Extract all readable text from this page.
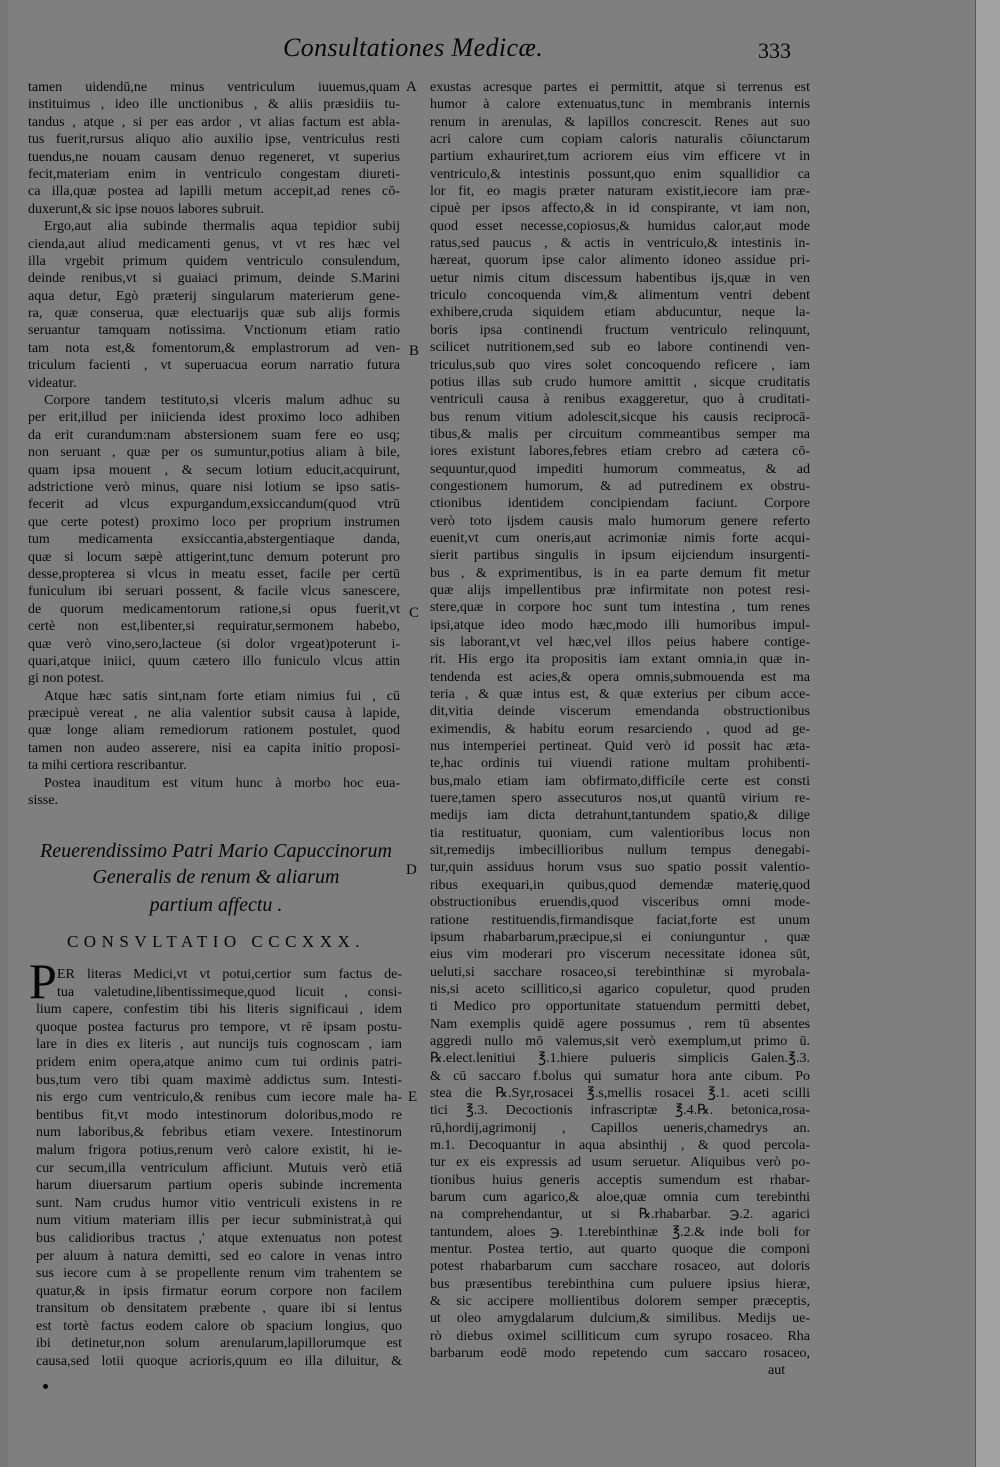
Consultationes Medicæ.	333
tamen uidendū,ne minus ventriculum iuuemus,quam
instituimus , ideo ille unctionibus , & aliis præsidiis tu-
tandus , atque , si per eas ardor , vt alias factum est abla-
tus fuerit,rursus aliquo alio auxilio ipse, ventriculus resti
tuendus,ne nouam causam denuo regeneret, vt superius
fecit,materiam enim in ventriculo congestam diureti-
ca illa,quæ postea ad lapilli metum accepit,ad renes cō-
duxerunt,& sic ipse nouos labores subruit.
Ergo,aut alia subinde thermalis aqua tepidior subij
cienda,aut aliud medicamenti genus, vt vt res hæc vel
illa vrgebit primum quidem ventriculo consulendum,
deinde renibus,vt si guaiaci primum, deinde S.Marini
aqua detur, Egò præterij singularum materierum gene-
ra, quæ conserua, quæ electuarijs quæ sub alijs formis
seruantur tamquam notissima. Vnctionum etiam ratio
tam nota est,& fomentorum,& emplastrorum ad ven-
triculum facienti , vt superuacua eorum narratio futura
videatur.
Corpore tandem testituto,si vlceris malum adhuc su
per erit,illud per iniicienda idest proximo loco adhiben
da erit curandum:nam abstersionem suam fere eo usq;
non seruant , quæ per os sumuntur,potius aliam à bile,
quam ipsa mouent , & secum lotium educit,acquirunt,
adstrictione verò minus, quare nisi lotium se ipso satis-
fecerit ad vlcus expurgandum,exsiccandum(quod vtrū
que certe potest) proximo loco per proprium instrumen
tum medicamenta exsiccantia,abstergentiaque danda,
quæ si locum sæpè attigerint,tunc demum poterunt pro
desse,propterea si vlcus in meatu esset, facile per certū
funiculum ibi seruari possent, & facile vlcus sanescere,
de quorum medicamentorum ratione,si opus fuerit,vt
certè non est,libenter,si requiratur,sermonem habebo,
quæ verò vino,sero,lacteue (si dolor vrgeat)poterunt i-
quari,atque iniici, quum cætero illo funiculo vlcus attin
gi non potest.
Atque hæc satis sint,nam forte etiam nimius fui , cū
præcipuè vereat , ne alia valentior subsit causa à lapide,
quæ longe aliam remediorum rationem postulet, quod
tamen non audeo asserere, nisi ea capita initio proposi-
ta mihi certiora rescribantur.
Postea inauditum est vitum hunc à morbo hoc eua-
sisse.
A
B
C
D
E
Reuerendissimo Patri Mario Capuccinorum
Generalis de renum & aliarum
partium affectu .
CONSVLTATIO CCCXXX.
P ER literas Medici,vt vt potui,certior sum factus de-
tua valetudine,libentissimeque,quod licuit , consi-
lium capere, confestim tibi his literis significaui , idem
quoque postea facturus pro tempore, vt rē ipsam postu-
lare in dies ex literis , aut nuncijs tuis cognoscam , iam
pridem enim opera,atque animo cum tui ordinis patri-
bus,tum vero tibi quam maximè addictus sum. Intesti-
nis ergo cum ventriculo,& renibus cum iecore male ha-
bentibus fit,vt modo intestinorum doloribus,modo re
num laboribus,& febribus etiam vexere. Intestinorum
malum frigora potius,renum verò calore existit, hi ie-
cur secum,illa ventriculum afficiunt. Mutuis verò etiā
harum diuersarum partium operis subinde incrementa
sunt. Nam crudus humor vitio ventriculi existens in re
num vitium materiam illis per iecur subministrat,à qui
bus calidioribus tractus ,' atque extenuatus non potest
per aluum à natura demitti, sed eo calore in venas intro
sus iecore cum à se propellente renum vim trahentem se
quatur,& in ipsis firmatur eorum corpore non facilem
transitum ob densitatem præbente , quare ibi si lentus
est tortè factus eodem calore ob spacium longius, quo
ibi detinetur,non solum arenularum,lapillorumque est
causa,sed lotii quoque acrioris,quum eo illa diluitur, &
exustas acresque partes ei permittit, atque si terrenus est
humor à calore extenuatus,tunc in membranis internis
renum in arenulas, & lapillos concrescit. Renes aut suo
acri calore cum copiam caloris naturalis cōiunctarum
partium exhauriret,tum acriorem eius vim efficere vt in
ventriculo,& intestinis possunt,quo enim squallidior ca
lor fit, eo magis præter naturam existit,iecore iam præ-
cipuè per ipsos affecto,& in id conspirante, vt iam non,
quod esset necesse,copiosus,& humidus calor,aut mode
ratus,sed paucus , & actis in ventriculo,& intestinis in-
hæreat, quorum ipse calor alimento idoneo assidue pri-
uetur nimis citum discessum habentibus ijs,quæ in ven
triculo concoquenda vim,& alimentum ventri debent
exhibere,cruda siquidem etiam abducuntur, neque la-
boris ipsa continendi fructum ventriculo relinquunt,
scilicet nutritionem,sed sub eo labore continendi ven-
triculus,sub quo vires solet concoquendo reficere , iam
potius illas sub crudo humore amittit , sicque cruditatis
ventriculi causa à renibus exaggeretur, quo à cruditati-
bus renum vitium adolescit,sicque his causis reciprocā-
tibus,& malis per circuitum commeantibus semper ma
iores existunt labores,febres etiam crebro ad cætera cō-
sequuntur,quod impediti humorum commeatus, & ad
congestionem humorum, & ad putredinem ex obstru-
ctionibus identidem concipiendam faciunt. Corpore
verò toto ijsdem causis malo humorum genere referto
euenit,vt cum oneris,aut acrimoniæ nimis forte acqui-
sierit partibus singulis in ipsum eijciendum insurgenti-
bus , & exprimentibus, is in ea parte demum fit metur
quæ alijs impellentibus præ infirmitate non potest resi-
stere,quæ in corpore hoc sunt tum intestina , tum renes
ipsi,atque ideo modo hæc,modo illi humoribus impul-
sis laborant,vt vel hæc,vel illos peius habere contige-
rit. His ergo ita propositis iam extant omnia,in quæ in-
tendenda est acies,& opera omnis,submouenda est ma
teria , & quæ intus est, & quæ exterius per cibum acce-
dit,vitia deinde viscerum emendanda obstructionibus
eximendis, & habitu eorum resarciendo , quod ad ge-
nus intemperiei pertineat. Quid verò id possit hac æta-
te,hac ordinis tui viuendi ratione multam prohibenti-
bus,malo etiam iam obfirmato,difficile certe est consti
tuere,tamen spero assecuturos nos,ut quantū virium re-
medijs iam dicta detrahunt,tantundem spatio,& dilige
tia restituatur, quoniam, cum valentioribus locus non
sit,remedijs imbecillioribus nullum tempus denegabi-
tur,quin assiduus horum vsus suo spatio possit valentio-
ribus exequari,in quibus,quod demendæ materię,quod
obstructionibus eruendis,quod visceribus omni mode-
ratione restituendis,firmandisque faciat,forte est unum
ipsum rhabarbarum,præcipue,si ei coniunguntur , quæ
eius vim moderari pro viscerum necessitate idonea sūt,
ueluti,si sacchare rosaceo,si terebinthinæ si myrobala-
nis,si aceto scillitico,si agarico copuletur, quod pruden
ti Medico pro opportunitate statuendum permitti debet,
Nam exemplis quidē agere possumus , rem tū absentes
aggredi nullo mō valemus,sit verò exemplum,ut primo ū.
℞.elect.lenitiui ℥.1.hiere pulueris simplicis Galen.℥.3.
& cū saccaro f.bolus qui sumatur hora ante cibum. Po
stea die ℞.Syr,rosacei ℥.s,mellis rosacei ℥.1. aceti scilli
tici ℥.3. Decoctionis infrascriptæ ℥.4.℞. betonica,rosa-
rū,hordij,agrimonij , Capillos ueneris,chamedrys an.
m.1. Decoquantur in aqua absinthij , & quod percola-
tur ex eis expressis ad usum seruetur. Aliquibus verò po-
tionibus huius generis acceptis sumendum est rhabar-
barum cum agarico,& aloe,quæ omnia cum terebinthi
na comprehendantur, ut si ℞.rhabarbar. ℈.2. agarici
tantundem, aloes ℈. 1.terebinthinæ ℥.2.& inde boli for
mentur. Postea tertio, aut quarto quoque die componi
potest rhabarbarum cum sacchare rosaceo, aut doloris
bus præsentibus terebinthina cum puluere ipsius hieræ,
& sic accipere mollientibus dolorem semper præceptis,
ut oleo amygdalarum dulcium,& similibus. Medijs ue-
rò diebus oximel scilliticum cum syrupo rosaceo. Rha
barbarum eodē modo repetendo cum saccaro rosaceo,
aut
